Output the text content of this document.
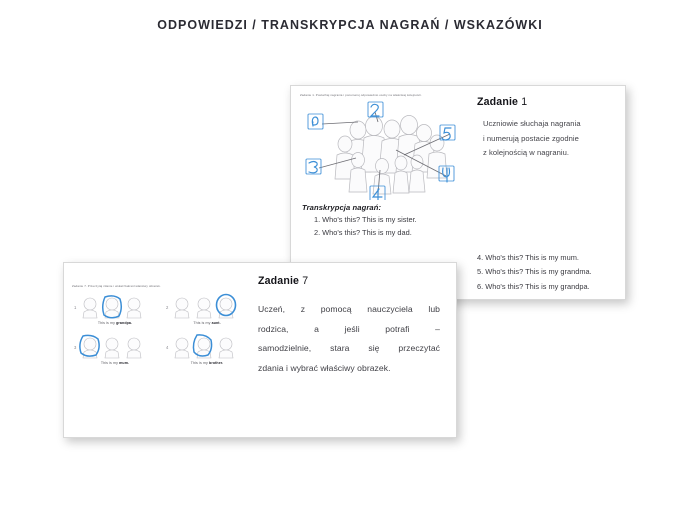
ODPOWIEDZI / TRANSKRYPCJA NAGRAŃ / WSKAZÓWKI
Zadanie 1. Posłuchaj nagrania i ponumeruj odpowiednio osoby na właściwej kolejności.
Transkrypcja nagrań:
1. Who's this? This is my sister.
2. Who's this? This is my dad.
Zadanie 1
Uczniowie słuchaja nagrania
i numerują postacie zgodnie
z kolejnością w nagraniu.
4. Who's this? This is my mum.
5. Who's this? This is my grandma.
6. Who's this? This is my grandpa.
Zadanie 7. Przeczytaj zdanie i wskaż/zakreśl właściwy obrazek.
1
This is my grandpa.
2
This is my aunt.
3
This is my mum.
4
This is my brother.
Zadanie 7
Uczeń, z pomocą nauczyciela lub
rodzica,	a	jeśli	potrafi	–
samodzielnie, stara się przeczytać
zdania i wybrać właściwy obrazek.
